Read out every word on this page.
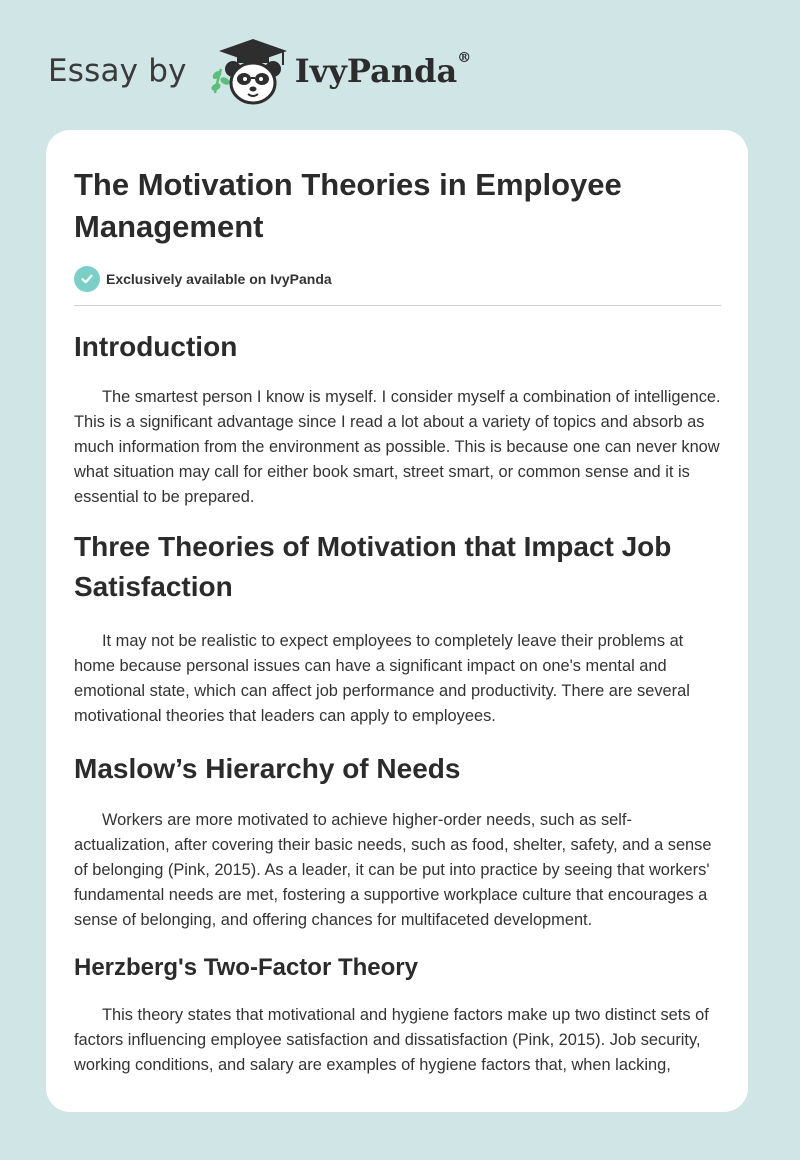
Essay by	IvyPanda®
The Motivation Theories in Employee Management
Exclusively available on IvyPanda
Introduction

The smartest person I know is myself. I consider myself a combination of intelligence. This is a significant advantage since I read a lot about a variety of topics and absorb as much information from the environment as possible. This is because one can never know what situation may call for either book smart, street smart, or common sense and it is essential to be prepared.

Three Theories of Motivation that Impact Job Satisfaction

It may not be realistic to expect employees to completely leave their problems at home because personal issues can have a significant impact on one's mental and emotional state, which can affect job performance and productivity. There are several motivational theories that leaders can apply to employees.

Maslow’s Hierarchy of Needs

Workers are more motivated to achieve higher-order needs, such as self-actualization, after covering their basic needs, such as food, shelter, safety, and a sense of belonging (Pink, 2015). As a leader, it can be put into practice by seeing that workers' fundamental needs are met, fostering a supportive workplace culture that encourages a sense of belonging, and offering chances for multifaceted development.

Herzberg's Two-Factor Theory

This theory states that motivational and hygiene factors make up two distinct sets of factors influencing employee satisfaction and dissatisfaction (Pink, 2015). Job security, working conditions, and salary are examples of hygiene factors that, when lacking,
